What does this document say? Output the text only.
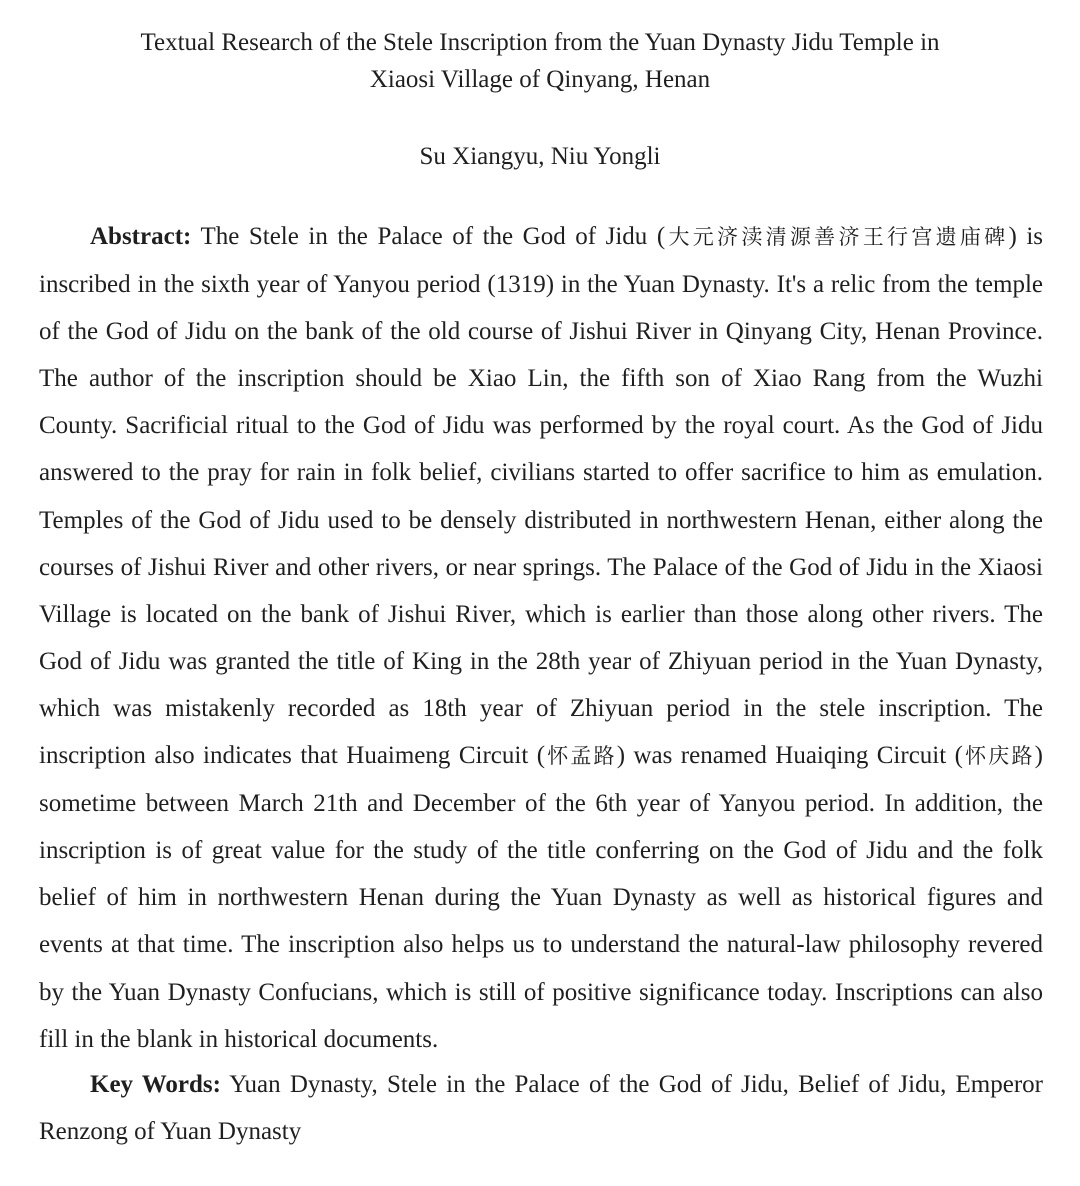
Textual Research of the Stele Inscription from the Yuan Dynasty Jidu Temple in
Xiaosi Village of Qinyang, Henan

Su Xiangyu, Niu Yongli

Abstract: The Stele in the Palace of the God of Jidu (大元济渎清源善济王行宫遗庙碑) is inscribed in the sixth year of Yanyou period (1319) in the Yuan Dynasty. It's a relic from the temple of the God of Jidu on the bank of the old course of Jishui River in Qinyang City, Henan Province. The author of the inscription should be Xiao Lin, the fifth son of Xiao Rang from the Wuzhi County. Sacrificial ritual to the God of Jidu was performed by the royal court. As the God of Jidu answered to the pray for rain in folk belief, civilians started to offer sacrifice to him as emulation. Temples of the God of Jidu used to be densely distributed in northwestern Henan, either along the courses of Jishui River and other rivers, or near springs. The Palace of the God of Jidu in the Xiaosi Village is located on the bank of Jishui River, which is earlier than those along other rivers. The God of Jidu was granted the title of King in the 28th year of Zhiyuan period in the Yuan Dynasty, which was mistakenly recorded as 18th year of Zhiyuan period in the stele inscription. The inscription also indicates that Huaimeng Circuit (怀孟路) was renamed Huaiqing Circuit (怀庆路) sometime between March 21th and December of the 6th year of Yanyou period. In addition, the inscription is of great value for the study of the title conferring on the God of Jidu and the folk belief of him in northwestern Henan during the Yuan Dynasty as well as historical figures and events at that time. The inscription also helps us to understand the natural-law philosophy revered by the Yuan Dynasty Confucians, which is still of positive significance today. Inscriptions can also fill in the blank in historical documents.

Key Words: Yuan Dynasty, Stele in the Palace of the God of Jidu, Belief of Jidu, Emperor Renzong of Yuan Dynasty
